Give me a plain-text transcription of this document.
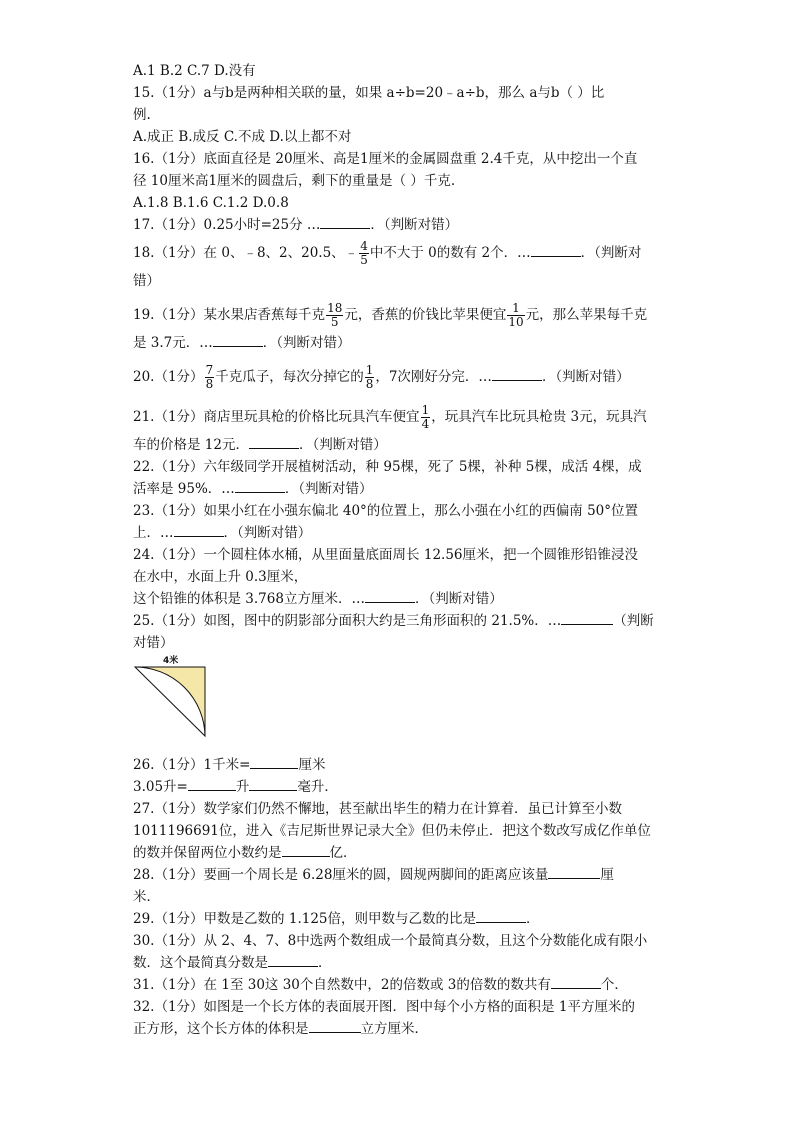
A.1 B.2 C.7 D.没有
15.（1分）a与b是两种相关联的量，如果 a÷b=20﹣a÷b，那么 a与b（ ）比
例.
A.成正 B.成反 C.不成 D.以上都不对
16.（1分）底面直径是 20厘米、高是1厘米的金属圆盘重 2.4千克，从中挖出一个直
径 10厘米高1厘米的圆盘后，剩下的重量是（ ）千克.
A.1.8 B.1.6 C.1.2 D.0.8
17.（1分）0.25小时=25分 …	．（判断对错）
18.（1分）在 0、﹣8、2、20.5、﹣ $\frac{4}{5}$ 中不大于 0的数有 2个．…	．（判断对
错）
19.（1分）某水果店香蕉每千克 $\frac{18}{5}$ 元，香蕉的价钱比苹果便宜 $\frac{1}{10}$ 元，那么苹果每千克
是 3.7元．…	．（判断对错）
20.（1分） $\frac{7}{8}$ 千克瓜子，每次分掉它的 $\frac{1}{8}$ ，7次刚好分完．…	．（判断对错）
21.（1分）商店里玩具枪的价格比玩具汽车便宜 $\frac{1}{4}$ ，玩具汽车比玩具枪贵 3元，玩具汽
车的价格是 12元．	．（判断对错）
22.（1分）六年级同学开展植树活动，种 95棵，死了 5棵，补种 5棵，成活 4棵，成
活率是 95%．…	．（判断对错）
23.（1分）如果小红在小强东偏北 40°的位置上，那么小强在小红的西偏南 50°位置
上．…	．（判断对错）
24.（1分）一个圆柱体水桶，从里面量底面周长 12.56厘米，把一个圆锥形铅锥浸没
在水中，水面上升 0.3厘米，
这个铅锥的体积是 3.768立方厘米．…	．（判断对错）
25.（1分）如图，图中的阴影部分面积大约是三角形面积的 21.5%．…	（判断
对错）
4米
26.（1分）1千米=	厘米
3.05升=	升	毫升．
27.（1分）数学家们仍然不懈地，甚至献出毕生的精力在计算着．虽已计算至小数
1011196691位，进入《吉尼斯世界记录大全》但仍未停止．把这个数改写成亿作单位
的数并保留两位小数约是	亿．
28.（1分）要画一个周长是 6.28厘米的圆，圆规两脚间的距离应该量	厘
米．
29.（1分）甲数是乙数的 1.125倍，则甲数与乙数的比是	．
30.（1分）从 2、4、7、8中选两个数组成一个最简真分数，且这个分数能化成有限小
数．这个最简真分数是	．
31.（1分）在 1至 30这 30个自然数中，2的倍数或 3的倍数的数共有	个．
32.（1分）如图是一个长方体的表面展开图．图中每个小方格的面积是 1平方厘米的
正方形，这个长方体的体积是	立方厘米．
